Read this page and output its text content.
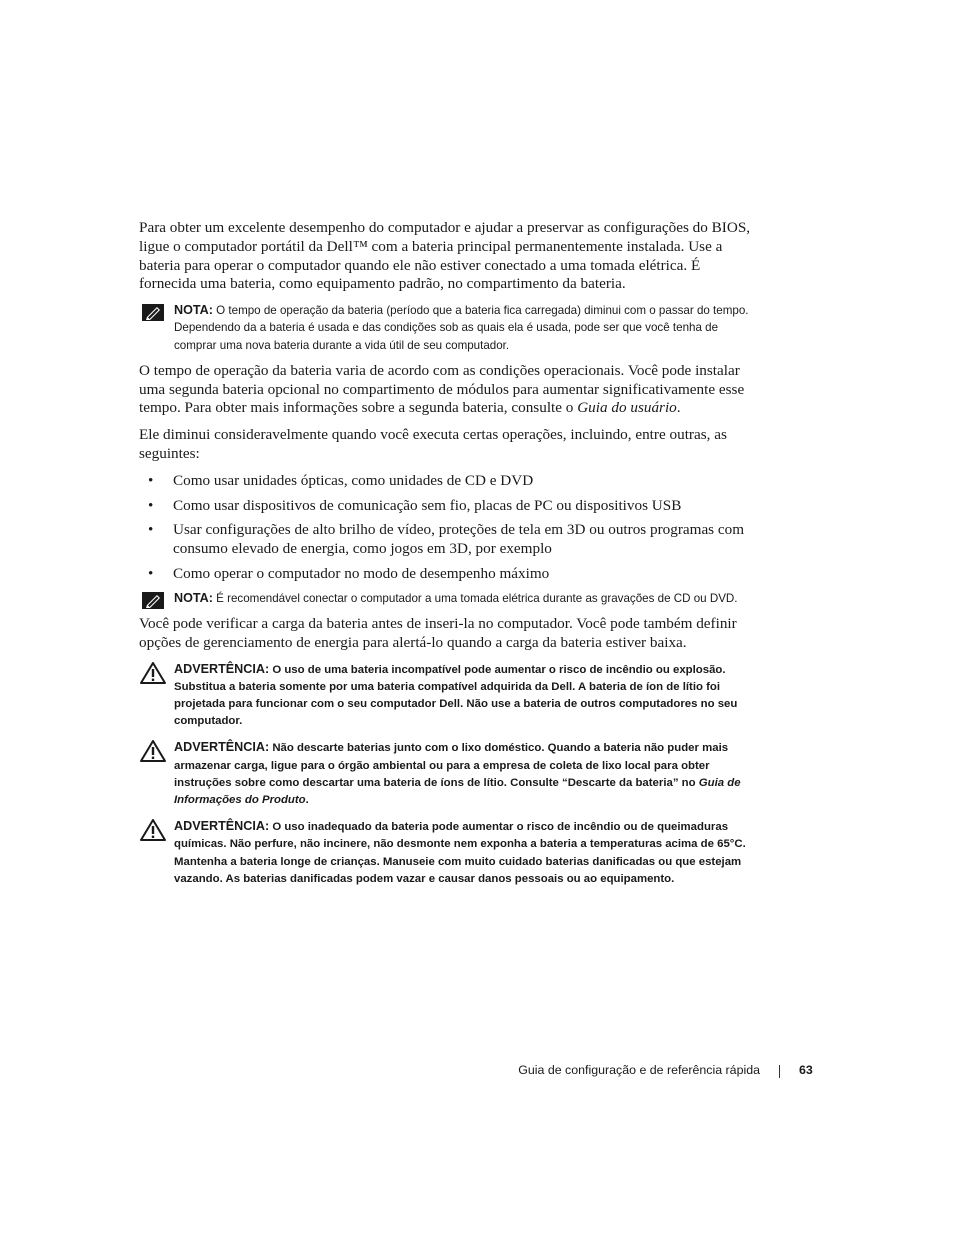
Para obter um excelente desempenho do computador e ajudar a preservar as configurações do BIOS, ligue o computador portátil da Dell™ com a bateria principal permanentemente instalada. Use a bateria para operar o computador quando ele não estiver conectado a uma tomada elétrica. É fornecida uma bateria, como equipamento padrão, no compartimento da bateria.

NOTA: O tempo de operação da bateria (período que a bateria fica carregada) diminui com o passar do tempo. Dependendo da a bateria é usada e das condições sob as quais ela é usada, pode ser que você tenha de comprar uma nova bateria durante a vida útil de seu computador.

O tempo de operação da bateria varia de acordo com as condições operacionais. Você pode instalar uma segunda bateria opcional no compartimento de módulos para aumentar significativamente esse tempo. Para obter mais informações sobre a segunda bateria, consulte o Guia do usuário.

Ele diminui consideravelmente quando você executa certas operações, incluindo, entre outras, as seguintes:

• Como usar unidades ópticas, como unidades de CD e DVD
• Como usar dispositivos de comunicação sem fio, placas de PC ou dispositivos USB
• Usar configurações de alto brilho de vídeo, proteções de tela em 3D ou outros programas com consumo elevado de energia, como jogos em 3D, por exemplo
• Como operar o computador no modo de desempenho máximo
NOTA: É recomendável conectar o computador a uma tomada elétrica durante as gravações de CD ou DVD.

Você pode verificar a carga da bateria antes de inseri-la no computador. Você pode também definir opções de gerenciamento de energia para alertá-lo quando a carga da bateria estiver baixa.

ADVERTÊNCIA: O uso de uma bateria incompatível pode aumentar o risco de incêndio ou explosão. Substitua a bateria somente por uma bateria compatível adquirida da Dell. A bateria de íon de lítio foi projetada para funcionar com o seu computador Dell. Não use a bateria de outros computadores no seu computador.
ADVERTÊNCIA: Não descarte baterias junto com o lixo doméstico. Quando a bateria não puder mais armazenar carga, ligue para o órgão ambiental ou para a empresa de coleta de lixo local para obter instruções sobre como descartar uma bateria de íons de lítio. Consulte “Descarte da bateria” no Guia de Informações do Produto.
ADVERTÊNCIA: O uso inadequado da bateria pode aumentar o risco de incêndio ou de queimaduras químicas. Não perfure, não incinere, não desmonte nem exponha a bateria a temperaturas acima de 65°C. Mantenha a bateria longe de crianças. Manuseie com muito cuidado baterias danificadas ou que estejam vazando. As baterias danificadas podem vazar e causar danos pessoais ou ao equipamento.
Guia de configuração e de referência rápida	63
